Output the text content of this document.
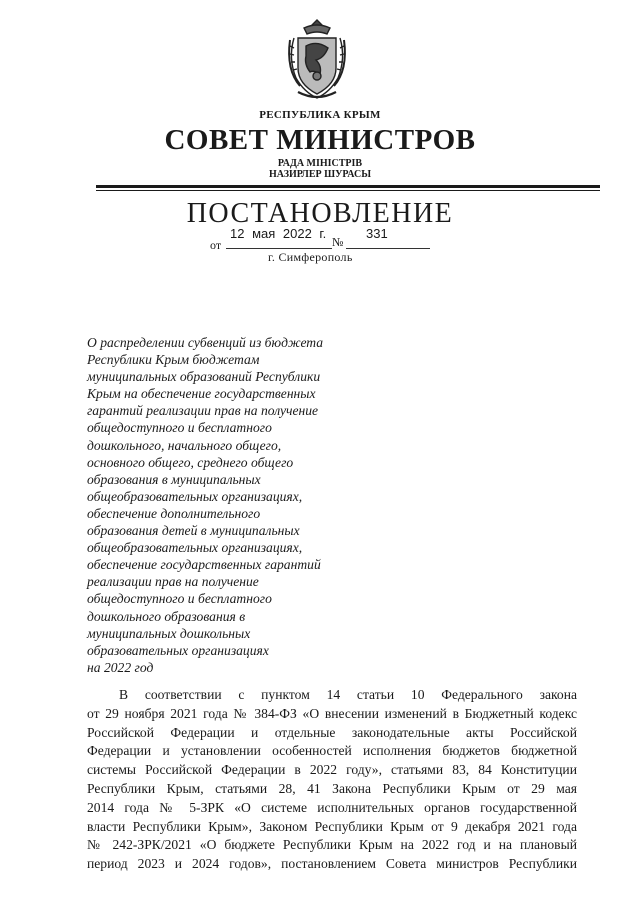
РЕСПУБЛИКА КРЫМ
СОВЕТ МИНИСТРОВ
РАДА МІНІСТРІВ
НАЗИРЛЕР ШУРАСЫ
ПОСТАНОВЛЕНИЕ
от
12 мая 2022 г.
№
331
г. Симферополь
О распределении субвенций из бюджета
Республики Крым бюджетам
муниципальных образований Республики
Крым на обеспечение государственных
гарантий реализации прав на получение
общедоступного и бесплатного
дошкольного, начального общего,
основного общего, среднего общего
образования в муниципальных
общеобразовательных организациях,
обеспечение дополнительного
образования детей в муниципальных
общеобразовательных организациях,
обеспечение государственных гарантий
реализации прав на получение
общедоступного и бесплатного
дошкольного образования в
муниципальных дошкольных
образовательных организациях
на 2022 год
В соответствии с пунктом 14 статьи 10 Федерального закона
от 29 ноября 2021 года № 384-ФЗ «О внесении изменений в Бюджетный кодекс
Российской Федерации и отдельные законодательные акты Российской
Федерации и установлении особенностей исполнения бюджетов бюджетной
системы Российской Федерации в 2022 году», статьями 83, 84 Конституции
Республики Крым, статьями 28, 41 Закона Республики Крым от 29 мая
2014 года № 5-ЗРК «О системе исполнительных органов государственной
власти Республики Крым», Законом Республики Крым от 9 декабря 2021 года
№ 242-ЗРК/2021 «О бюджете Республики Крым на 2022 год и на плановый
период 2023 и 2024 годов», постановлением Совета министров Республики
